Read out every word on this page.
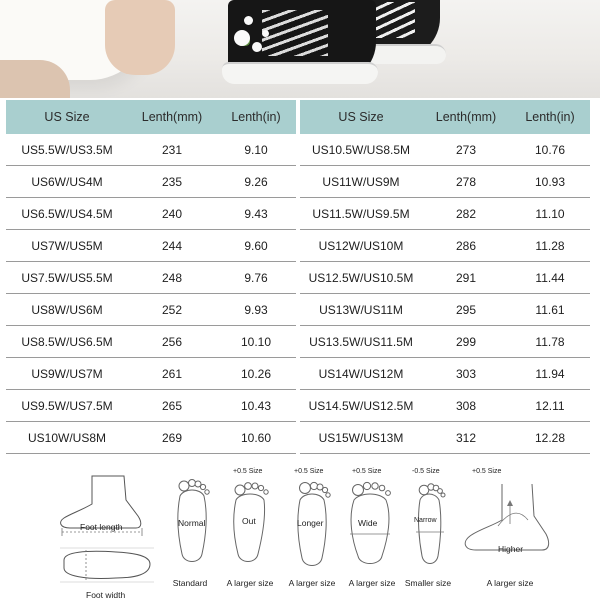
US Size	Lenth(mm)	Lenth(in)
US5.5W/US3.5M	231	9.10
US6W/US4M	235	9.26
US6.5W/US4.5M	240	9.43
US7W/US5M	244	9.60
US7.5W/US5.5M	248	9.76
US8W/US6M	252	9.93
US8.5W/US6.5M	256	10.10
US9W/US7M	261	10.26
US9.5W/US7.5M	265	10.43
US10W/US8M	269	10.60
US Size	Lenth(mm)	Lenth(in)
US10.5W/US8.5M	273	10.76
US11W/US9M	278	10.93
US11.5W/US9.5M	282	11.10
US12W/US10M	286	11.28
US12.5W/US10.5M	291	11.44
US13W/US11M	295	11.61
US13.5W/US11.5M	299	11.78
US14W/US12M	303	11.94
US14.5W/US12.5M	308	12.11
US15W/US13M	312	12.28
Foot length
Foot width
Normal
Standard
+0.5 Size
Out
A larger size
+0.5 Size
Longer
A larger size
+0.5 Size
Wide
A larger size
-0.5 Size
Narrow
Smaller size
+0.5 Size
Higher
A larger size
